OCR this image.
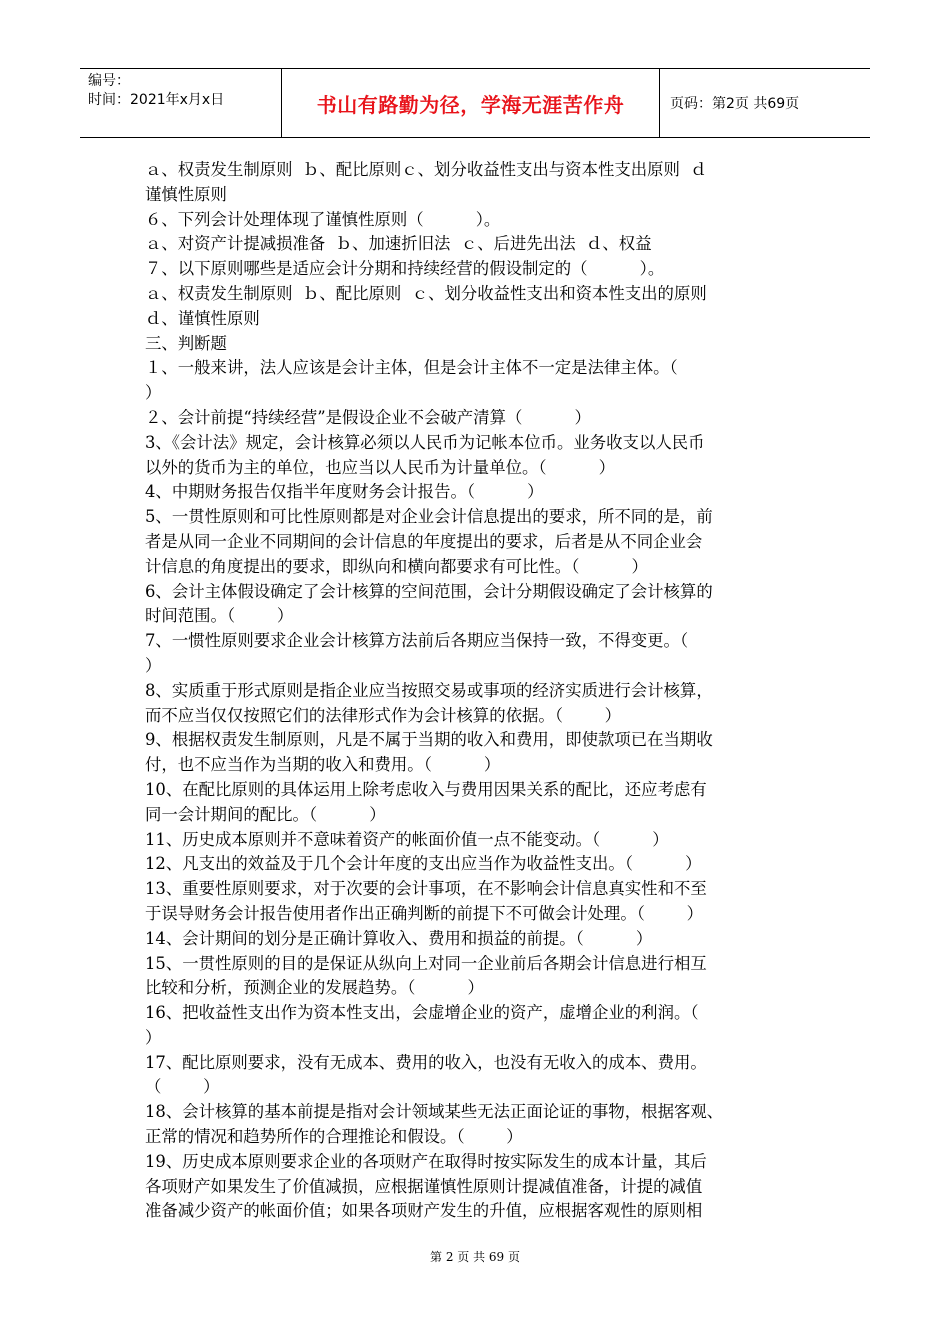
编号：
时间：2021年x月x日	书山有路勤为径，学海无涯苦作舟	页码：第2页 共69页
ａ、权责发生制原则  ｂ、配比原则ｃ、划分收益性支出与资本性支出原则  ｄ
谨慎性原则
６、下列会计处理体现了谨慎性原则（          ）。
ａ、对资产计提减损准备  ｂ、加速折旧法  ｃ、后进先出法  ｄ、权益
７、以下原则哪些是适应会计分期和持续经营的假设制定的（          ）。
ａ、权责发生制原则  ｂ、配比原则  ｃ、划分收益性支出和资本性支出的原则
ｄ、谨慎性原则
三、判断题
１、一般来讲，法人应该是会计主体，但是会计主体不一定是法律主体。（
）
２、会计前提“持续经营”是假设企业不会破产清算（          ）
3、《会计法》规定，会计核算必须以人民币为记帐本位币。业务收支以人民币
以外的货币为主的单位，也应当以人民币为计量单位。（          ）
4、中期财务报告仅指半年度财务会计报告。（          ）
5、一贯性原则和可比性原则都是对企业会计信息提出的要求，所不同的是，前
者是从同一企业不同期间的会计信息的年度提出的要求，后者是从不同企业会
计信息的角度提出的要求，即纵向和横向都要求有可比性。（          ）
6、会计主体假设确定了会计核算的空间范围，会计分期假设确定了会计核算的
时间范围。（        ）
7、一惯性原则要求企业会计核算方法前后各期应当保持一致，不得变更。（
）
8、实质重于形式原则是指企业应当按照交易或事项的经济实质进行会计核算，
而不应当仅仅按照它们的法律形式作为会计核算的依据。（        ）
9、根据权责发生制原则，凡是不属于当期的收入和费用，即使款项已在当期收
付，也不应当作为当期的收入和费用。（          ）
10、在配比原则的具体运用上除考虑收入与费用因果关系的配比，还应考虑有
同一会计期间的配比。（          ）
11、历史成本原则并不意味着资产的帐面价值一点不能变动。（          ）
12、凡支出的效益及于几个会计年度的支出应当作为收益性支出。（          ）
13、重要性原则要求，对于次要的会计事项，在不影响会计信息真实性和不至
于误导财务会计报告使用者作出正确判断的前提下不可做会计处理。（        ）
14、会计期间的划分是正确计算收入、费用和损益的前提。（          ）
15、一贯性原则的目的是保证从纵向上对同一企业前后各期会计信息进行相互
比较和分析，预测企业的发展趋势。（          ）
16、把收益性支出作为资本性支出，会虚增企业的资产，虚增企业的利润。（
）
17、配比原则要求，没有无成本、费用的收入，也没有无收入的成本、费用。
（        ）
18、会计核算的基本前提是指对会计领域某些无法正面论证的事物，根据客观、
正常的情况和趋势所作的合理推论和假设。（        ）
19、历史成本原则要求企业的各项财产在取得时按实际发生的成本计量，其后
各项财产如果发生了价值减损，应根据谨慎性原则计提减值准备，计提的减值
准备减少资产的帐面价值；如果各项财产发生的升值，应根据客观性的原则相
第 2 页 共 69 页
